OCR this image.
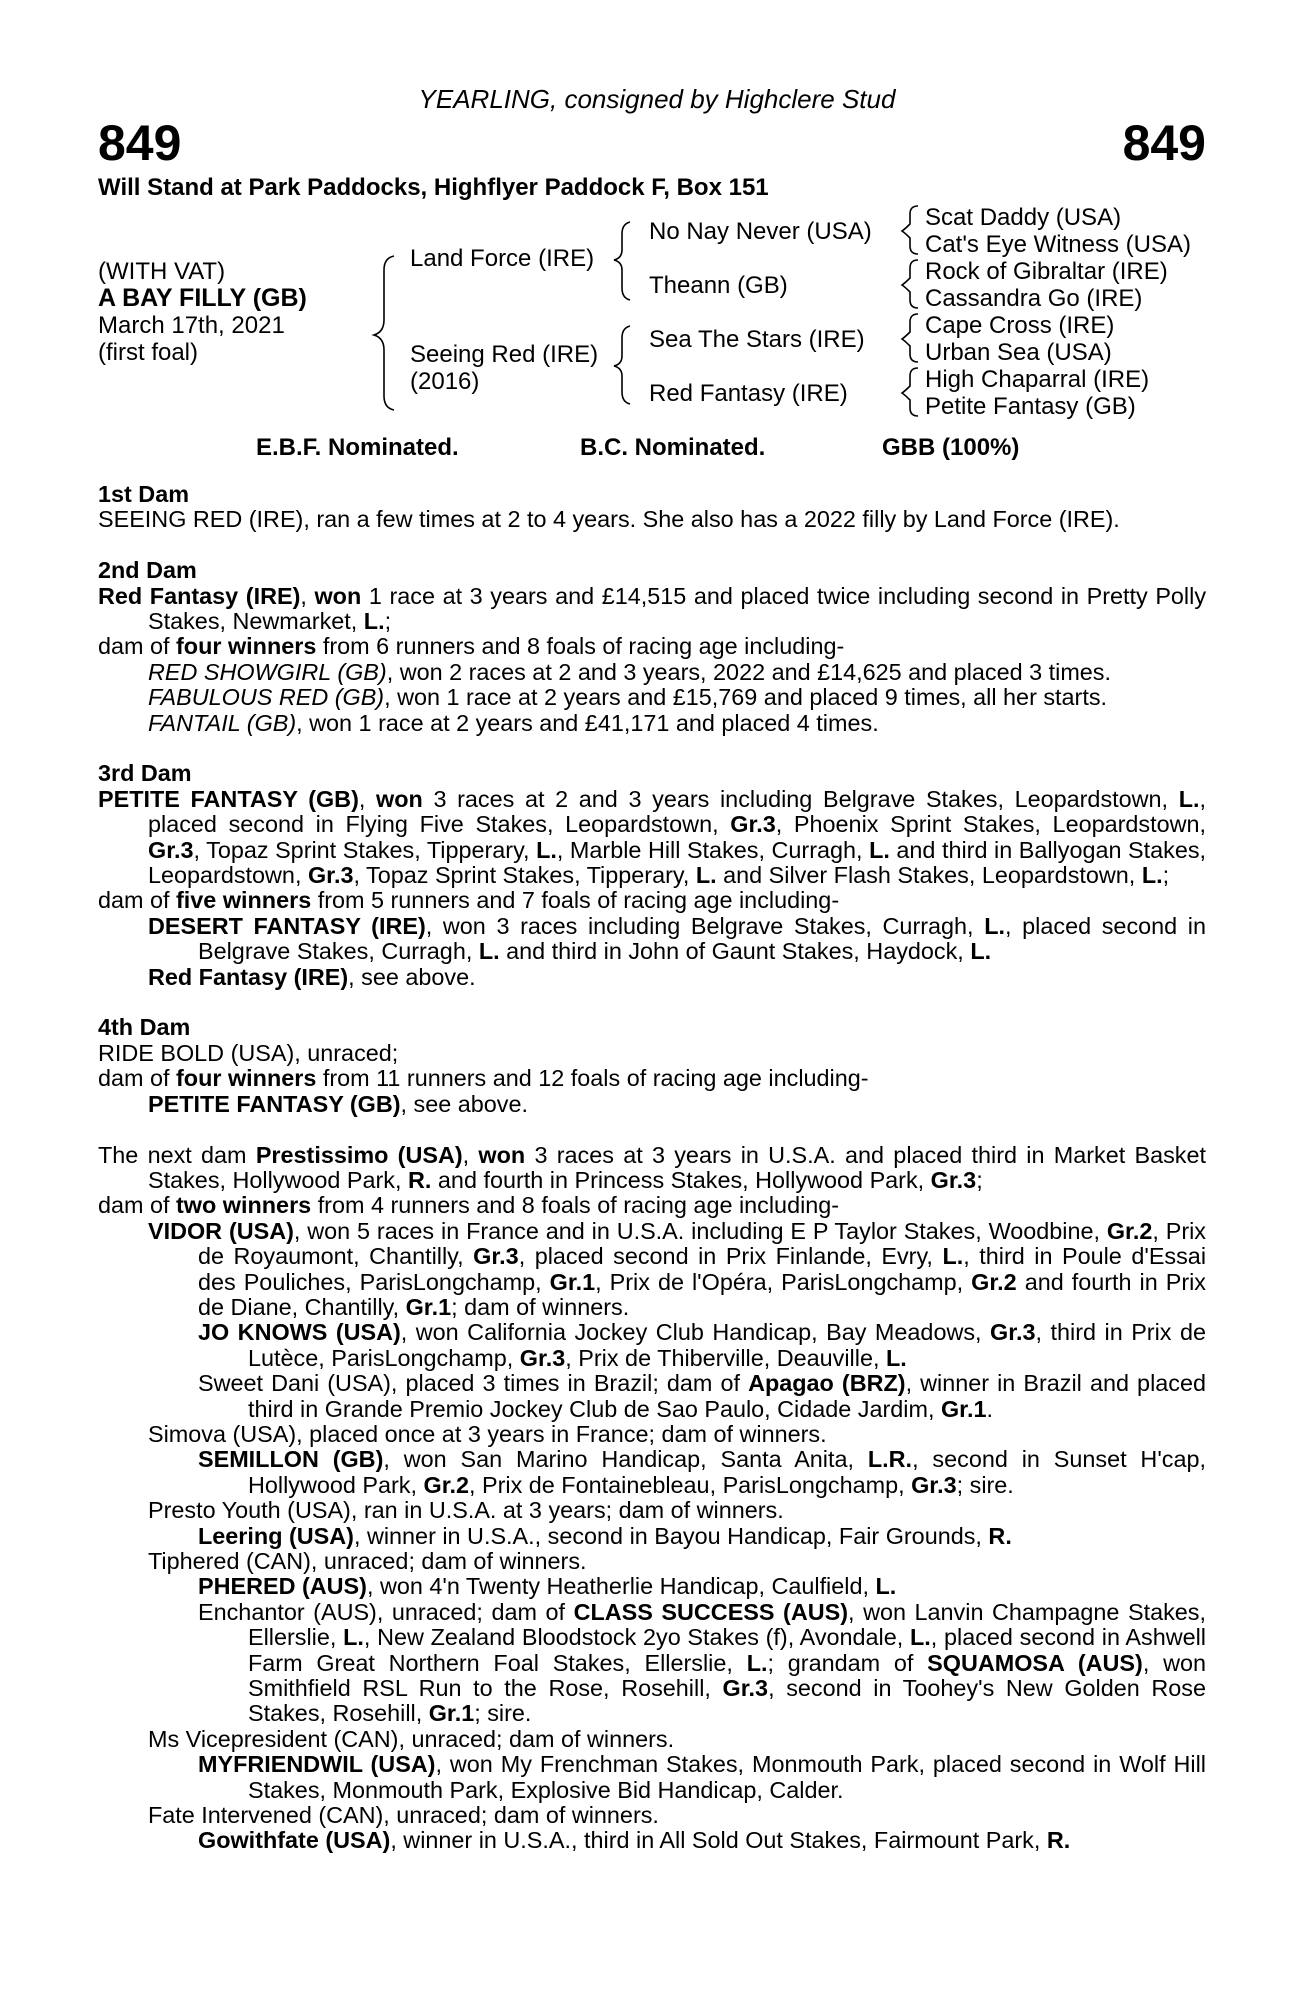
YEARLING, consigned by Highclere Stud
849	849
Will Stand at Park Paddocks, Highflyer Paddock F, Box 151
(WITH VAT)
A BAY FILLY (GB)
March 17th, 2021
(first foal)
Land Force (IRE)
Seeing Red (IRE)
(2016)
No Nay Never (USA)
Theann (GB)
Sea The Stars (IRE)
Red Fantasy (IRE)
Scat Daddy (USA)
Cat's Eye Witness (USA)
Rock of Gibraltar (IRE)
Cassandra Go (IRE)
Cape Cross (IRE)
Urban Sea (USA)
High Chaparral (IRE)
Petite Fantasy (GB)
E.B.F. Nominated.	B.C. Nominated.	GBB (100%)

1st Dam

SEEING RED (IRE), ran a few times at 2 to 4 years. She also has a 2022 filly by Land Force (IRE).

2nd Dam

Red Fantasy (IRE), won 1 race at 3 years and £14,515 and placed twice including second in Pretty Polly Stakes, Newmarket, L.;

dam of four winners from 6 runners and 8 foals of racing age including-

RED SHOWGIRL (GB), won 2 races at 2 and 3 years, 2022 and £14,625 and placed 3 times.

FABULOUS RED (GB), won 1 race at 2 years and £15,769 and placed 9 times, all her starts.

FANTAIL (GB), won 1 race at 2 years and £41,171 and placed 4 times.

3rd Dam

PETITE FANTASY (GB), won 3 races at 2 and 3 years including Belgrave Stakes, Leopardstown, L., placed second in Flying Five Stakes, Leopardstown, Gr.3, Phoenix Sprint Stakes, Leopardstown, Gr.3, Topaz Sprint Stakes, Tipperary, L., Marble Hill Stakes, Curragh, L. and third in Ballyogan Stakes, Leopardstown, Gr.3, Topaz Sprint Stakes, Tipperary, L. and Silver Flash Stakes, Leopardstown, L.;

dam of five winners from 5 runners and 7 foals of racing age including-

DESERT FANTASY (IRE), won 3 races including Belgrave Stakes, Curragh, L., placed second in Belgrave Stakes, Curragh, L. and third in John of Gaunt Stakes, Haydock, L.

Red Fantasy (IRE), see above.

4th Dam

RIDE BOLD (USA), unraced;

dam of four winners from 11 runners and 12 foals of racing age including-

PETITE FANTASY (GB), see above.

The next dam Prestissimo (USA), won 3 races at 3 years in U.S.A. and placed third in Market Basket Stakes, Hollywood Park, R. and fourth in Princess Stakes, Hollywood Park, Gr.3;

dam of two winners from 4 runners and 8 foals of racing age including-

VIDOR (USA), won 5 races in France and in U.S.A. including E P Taylor Stakes, Woodbine, Gr.2, Prix de Royaumont, Chantilly, Gr.3, placed second in Prix Finlande, Evry, L., third in Poule d'Essai des Pouliches, ParisLongchamp, Gr.1, Prix de l'Opéra, ParisLongchamp, Gr.2 and fourth in Prix de Diane, Chantilly, Gr.1; dam of winners.

JO KNOWS (USA), won California Jockey Club Handicap, Bay Meadows, Gr.3, third in Prix de Lutèce, ParisLongchamp, Gr.3, Prix de Thiberville, Deauville, L.

Sweet Dani (USA), placed 3 times in Brazil; dam of Apagao (BRZ), winner in Brazil and placed third in Grande Premio Jockey Club de Sao Paulo, Cidade Jardim, Gr.1.

Simova (USA), placed once at 3 years in France; dam of winners.

SEMILLON (GB), won San Marino Handicap, Santa Anita, L.R., second in Sunset H'cap, Hollywood Park, Gr.2, Prix de Fontainebleau, ParisLongchamp, Gr.3; sire.

Presto Youth (USA), ran in U.S.A. at 3 years; dam of winners.

Leering (USA), winner in U.S.A., second in Bayou Handicap, Fair Grounds, R.

Tiphered (CAN), unraced; dam of winners.

PHERED (AUS), won 4'n Twenty Heatherlie Handicap, Caulfield, L.

Enchantor (AUS), unraced; dam of CLASS SUCCESS (AUS), won Lanvin Champagne Stakes, Ellerslie, L., New Zealand Bloodstock 2yo Stakes (f), Avondale, L., placed second in Ashwell Farm Great Northern Foal Stakes, Ellerslie, L.; grandam of SQUAMOSA (AUS), won Smithfield RSL Run to the Rose, Rosehill, Gr.3, second in Toohey's New Golden Rose Stakes, Rosehill, Gr.1; sire.

Ms Vicepresident (CAN), unraced; dam of winners.

MYFRIENDWIL (USA), won My Frenchman Stakes, Monmouth Park, placed second in Wolf Hill Stakes, Monmouth Park, Explosive Bid Handicap, Calder.

Fate Intervened (CAN), unraced; dam of winners.

Gowithfate (USA), winner in U.S.A., third in All Sold Out Stakes, Fairmount Park, R.
